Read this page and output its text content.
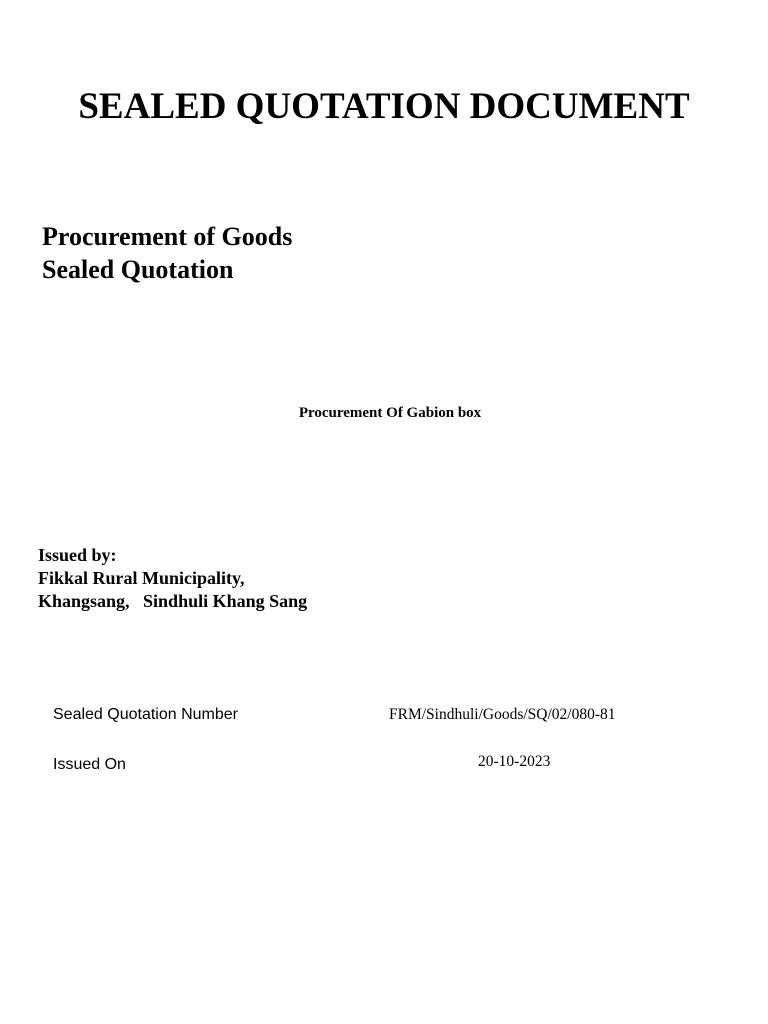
SEALED QUOTATION DOCUMENT
Procurement of Goods
Sealed Quotation
Procurement Of Gabion box
Issued by:
Fikkal Rural Municipality,
Khangsang,   Sindhuli Khang Sang
Sealed Quotation Number	FRM/Sindhuli/Goods/SQ/02/080-81
Issued On	20-10-2023
